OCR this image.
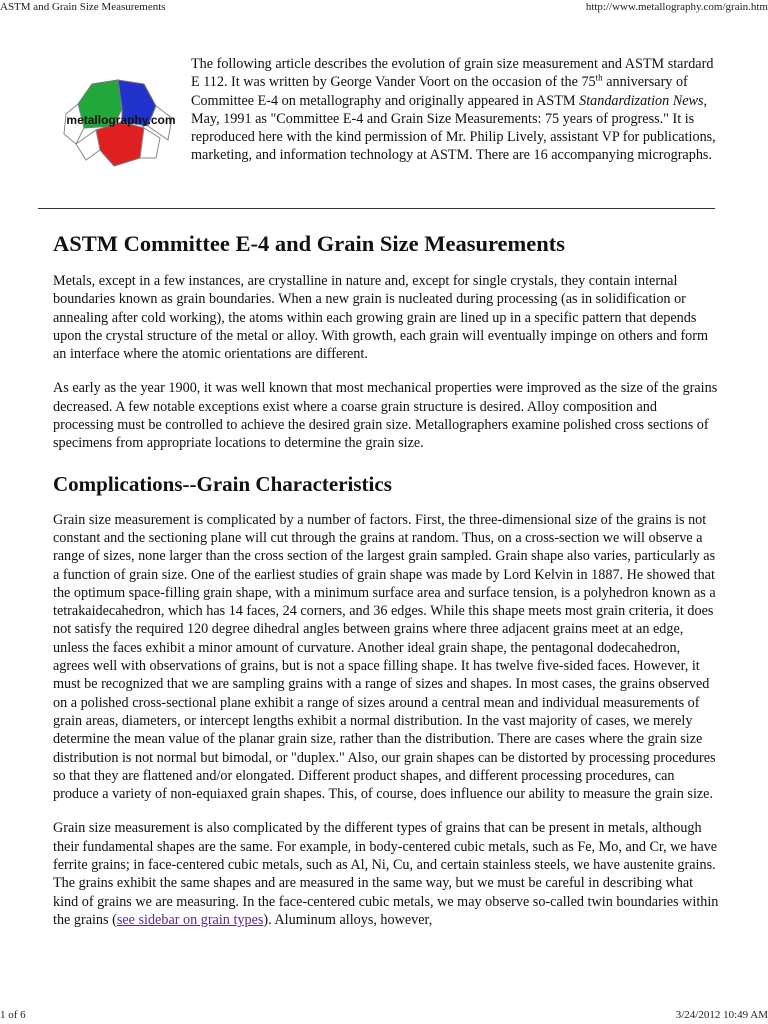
ASTM and Grain Size Measurements	http://www.metallography.com/grain.htm
metallography.com

The following article describes the evolution of grain size measurement and ASTM stardard E 112. It was written by George Vander Voort on the occasion of the 75th anniversary of Committee E-4 on metallography and originally appeared in ASTM Standardization News, May, 1991 as "Committee E-4 and Grain Size Measurements: 75 years of progress." It is reproduced here with the kind permission of Mr. Philip Lively, assistant VP for publications, marketing, and information technology at ASTM. There are 16 accompanying micrographs.

ASTM Committee E-4 and Grain Size Measurements

Metals, except in a few instances, are crystalline in nature and, except for single crystals, they contain internal boundaries known as grain boundaries. When a new grain is nucleated during processing (as in solidification or annealing after cold working), the atoms within each growing grain are lined up in a specific pattern that depends upon the crystal structure of the metal or alloy. With growth, each grain will eventually impinge on others and form an interface where the atomic orientations are different.

As early as the year 1900, it was well known that most mechanical properties were improved as the size of the grains decreased. A few notable exceptions exist where a coarse grain structure is desired. Alloy composition and processing must be controlled to achieve the desired grain size. Metallographers examine polished cross sections of specimens from appropriate locations to determine the grain size.

Complications--Grain Characteristics

Grain size measurement is complicated by a number of factors. First, the three-dimensional size of the grains is not constant and the sectioning plane will cut through the grains at random. Thus, on a cross-section we will observe a range of sizes, none larger than the cross section of the largest grain sampled. Grain shape also varies, particularly as a function of grain size. One of the earliest studies of grain shape was made by Lord Kelvin in 1887. He showed that the optimum space-filling grain shape, with a minimum surface area and surface tension, is a polyhedron known as a tetrakaidecahedron, which has 14 faces, 24 corners, and 36 edges. While this shape meets most grain criteria, it does not satisfy the required 120 degree dihedral angles between grains where three adjacent grains meet at an edge, unless the faces exhibit a minor amount of curvature. Another ideal grain shape, the pentagonal dodecahedron, agrees well with observations of grains, but is not a space filling shape. It has twelve five-sided faces. However, it must be recognized that we are sampling grains with a range of sizes and shapes. In most cases, the grains observed on a polished cross-sectional plane exhibit a range of sizes around a central mean and individual measurements of grain areas, diameters, or intercept lengths exhibit a normal distribution. In the vast majority of cases, we merely determine the mean value of the planar grain size, rather than the distribution. There are cases where the grain size distribution is not normal but bimodal, or "duplex." Also, our grain shapes can be distorted by processing procedures so that they are flattened and/or elongated. Different product shapes, and different processing procedures, can produce a variety of non-equiaxed grain shapes. This, of course, does influence our ability to measure the grain size.

Grain size measurement is also complicated by the different types of grains that can be present in metals, although their fundamental shapes are the same. For example, in body-centered cubic metals, such as Fe, Mo, and Cr, we have ferrite grains; in face-centered cubic metals, such as Al, Ni, Cu, and certain stainless steels, we have austenite grains. The grains exhibit the same shapes and are measured in the same way, but we must be careful in describing what kind of grains we are measuring. In the face-centered cubic metals, we may observe so-called twin boundaries within the grains (see sidebar on grain types). Aluminum alloys, however,

1 of 6	3/24/2012 10:49 AM
